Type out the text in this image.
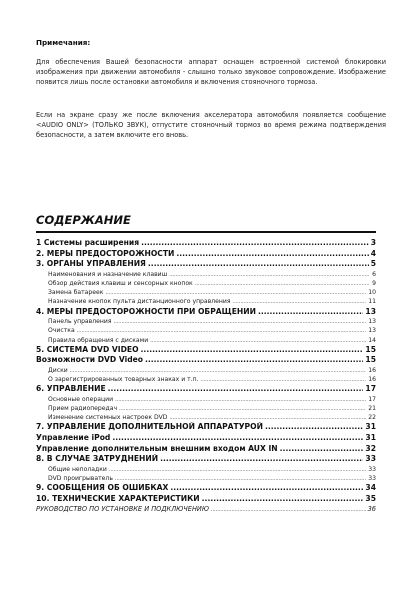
Примечания:
Для обеспечения Вашей безопасности аппарат оснащен встроенной системой блокировки изображения при движении автомобиля - слышно только звуковое сопровождение. Изображение появится лишь после остановки автомобиля и включения стояночного тормоза.
Если на экране сразу же после включения акселератора автомобиля появляется сообщение <AUDIO ONLY> (ТОЛЬКО ЗВУК), отпустите стояночный тормоз во время режима подтверждения безопасности, а затем включите его вновь.
СОДЕРЖАНИЕ
1 Системы расширения .....	3
2. МЕРЫ ПРЕДОСТОРОЖНОСТИ .....	4
3. ОРГАНЫ УПРАВЛЕНИЯ .....	5
Наименования и назначение клавиш .....	6
Обзор действия клавиш и сенсорных кнопок .....	9
Замена батареек .....	10
Назначение кнопок пульта дистанционного управления .....	11
4. МЕРЫ ПРЕДОСТОРОЖНОСТИ ПРИ ОБРАЩЕНИИ .....	13
Панель управления .....	13
Очистка .....	13
Правила обращения с дисками .....	14
5. СИСТЕМА DVD VIDEO .....	15
Возможности DVD Video .....	15
Диски .....	16
О зарегистрированных товарных знаках и т.п. .....	16
6. УПРАВЛЕНИЕ .....	17
Основные операции .....	17
Прием радиопередач .....	21
Изменение системных настроек DVD .....	22
7. УПРАВЛЕНИЕ ДОПОЛНИТЕЛЬНОЙ АППАРАТУРОЙ .....	31
Управление iPod .....	31
Управление дополнительным внешним входом AUX IN .....	32
8. В СЛУЧАЕ ЗАТРУДНЕНИЙ .....	33
Общие неполадки .....	33
DVD проигрыватель .....	33
9. СООБЩЕНИЯ ОБ ОШИБКАХ .....	34
10. ТЕХНИЧЕСКИЕ ХАРАКТЕРИСТИКИ .....	35
РУКОВОДСТВО ПО УСТАНОВКЕ И ПОДКЛЮЧЕНИЮ .....	36
